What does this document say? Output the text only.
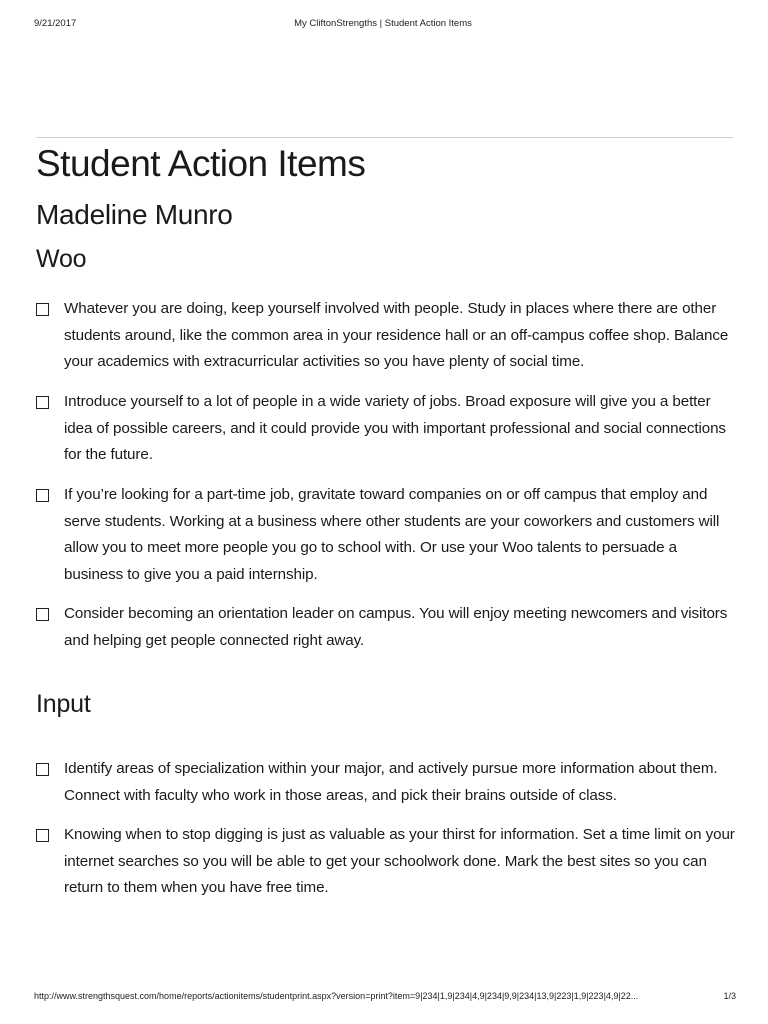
9/21/2017	My CliftonStrengths | Student Action Items
Student Action Items
Madeline Munro
Woo
Whatever you are doing, keep yourself involved with people. Study in places where there are other students around, like the common area in your residence hall or an off-campus coffee shop. Balance your academics with extracurricular activities so you have plenty of social time.
Introduce yourself to a lot of people in a wide variety of jobs. Broad exposure will give you a better idea of possible careers, and it could provide you with important professional and social connections for the future.
If you’re looking for a part-time job, gravitate toward companies on or off campus that employ and serve students. Working at a business where other students are your coworkers and customers will allow you to meet more people you go to school with. Or use your Woo talents to persuade a business to give you a paid internship.
Consider becoming an orientation leader on campus. You will enjoy meeting newcomers and visitors and helping get people connected right away.
Input
Identify areas of specialization within your major, and actively pursue more information about them. Connect with faculty who work in those areas, and pick their brains outside of class.
Knowing when to stop digging is just as valuable as your thirst for information. Set a time limit on your internet searches so you will be able to get your schoolwork done. Mark the best sites so you can return to them when you have free time.
http://www.strengthsquest.com/home/reports/actionitems/studentprint.aspx?version=print?item=9|234|1,9|234|4,9|234|9,9|234|13,9|223|1,9|223|4,9|22...	1/3
